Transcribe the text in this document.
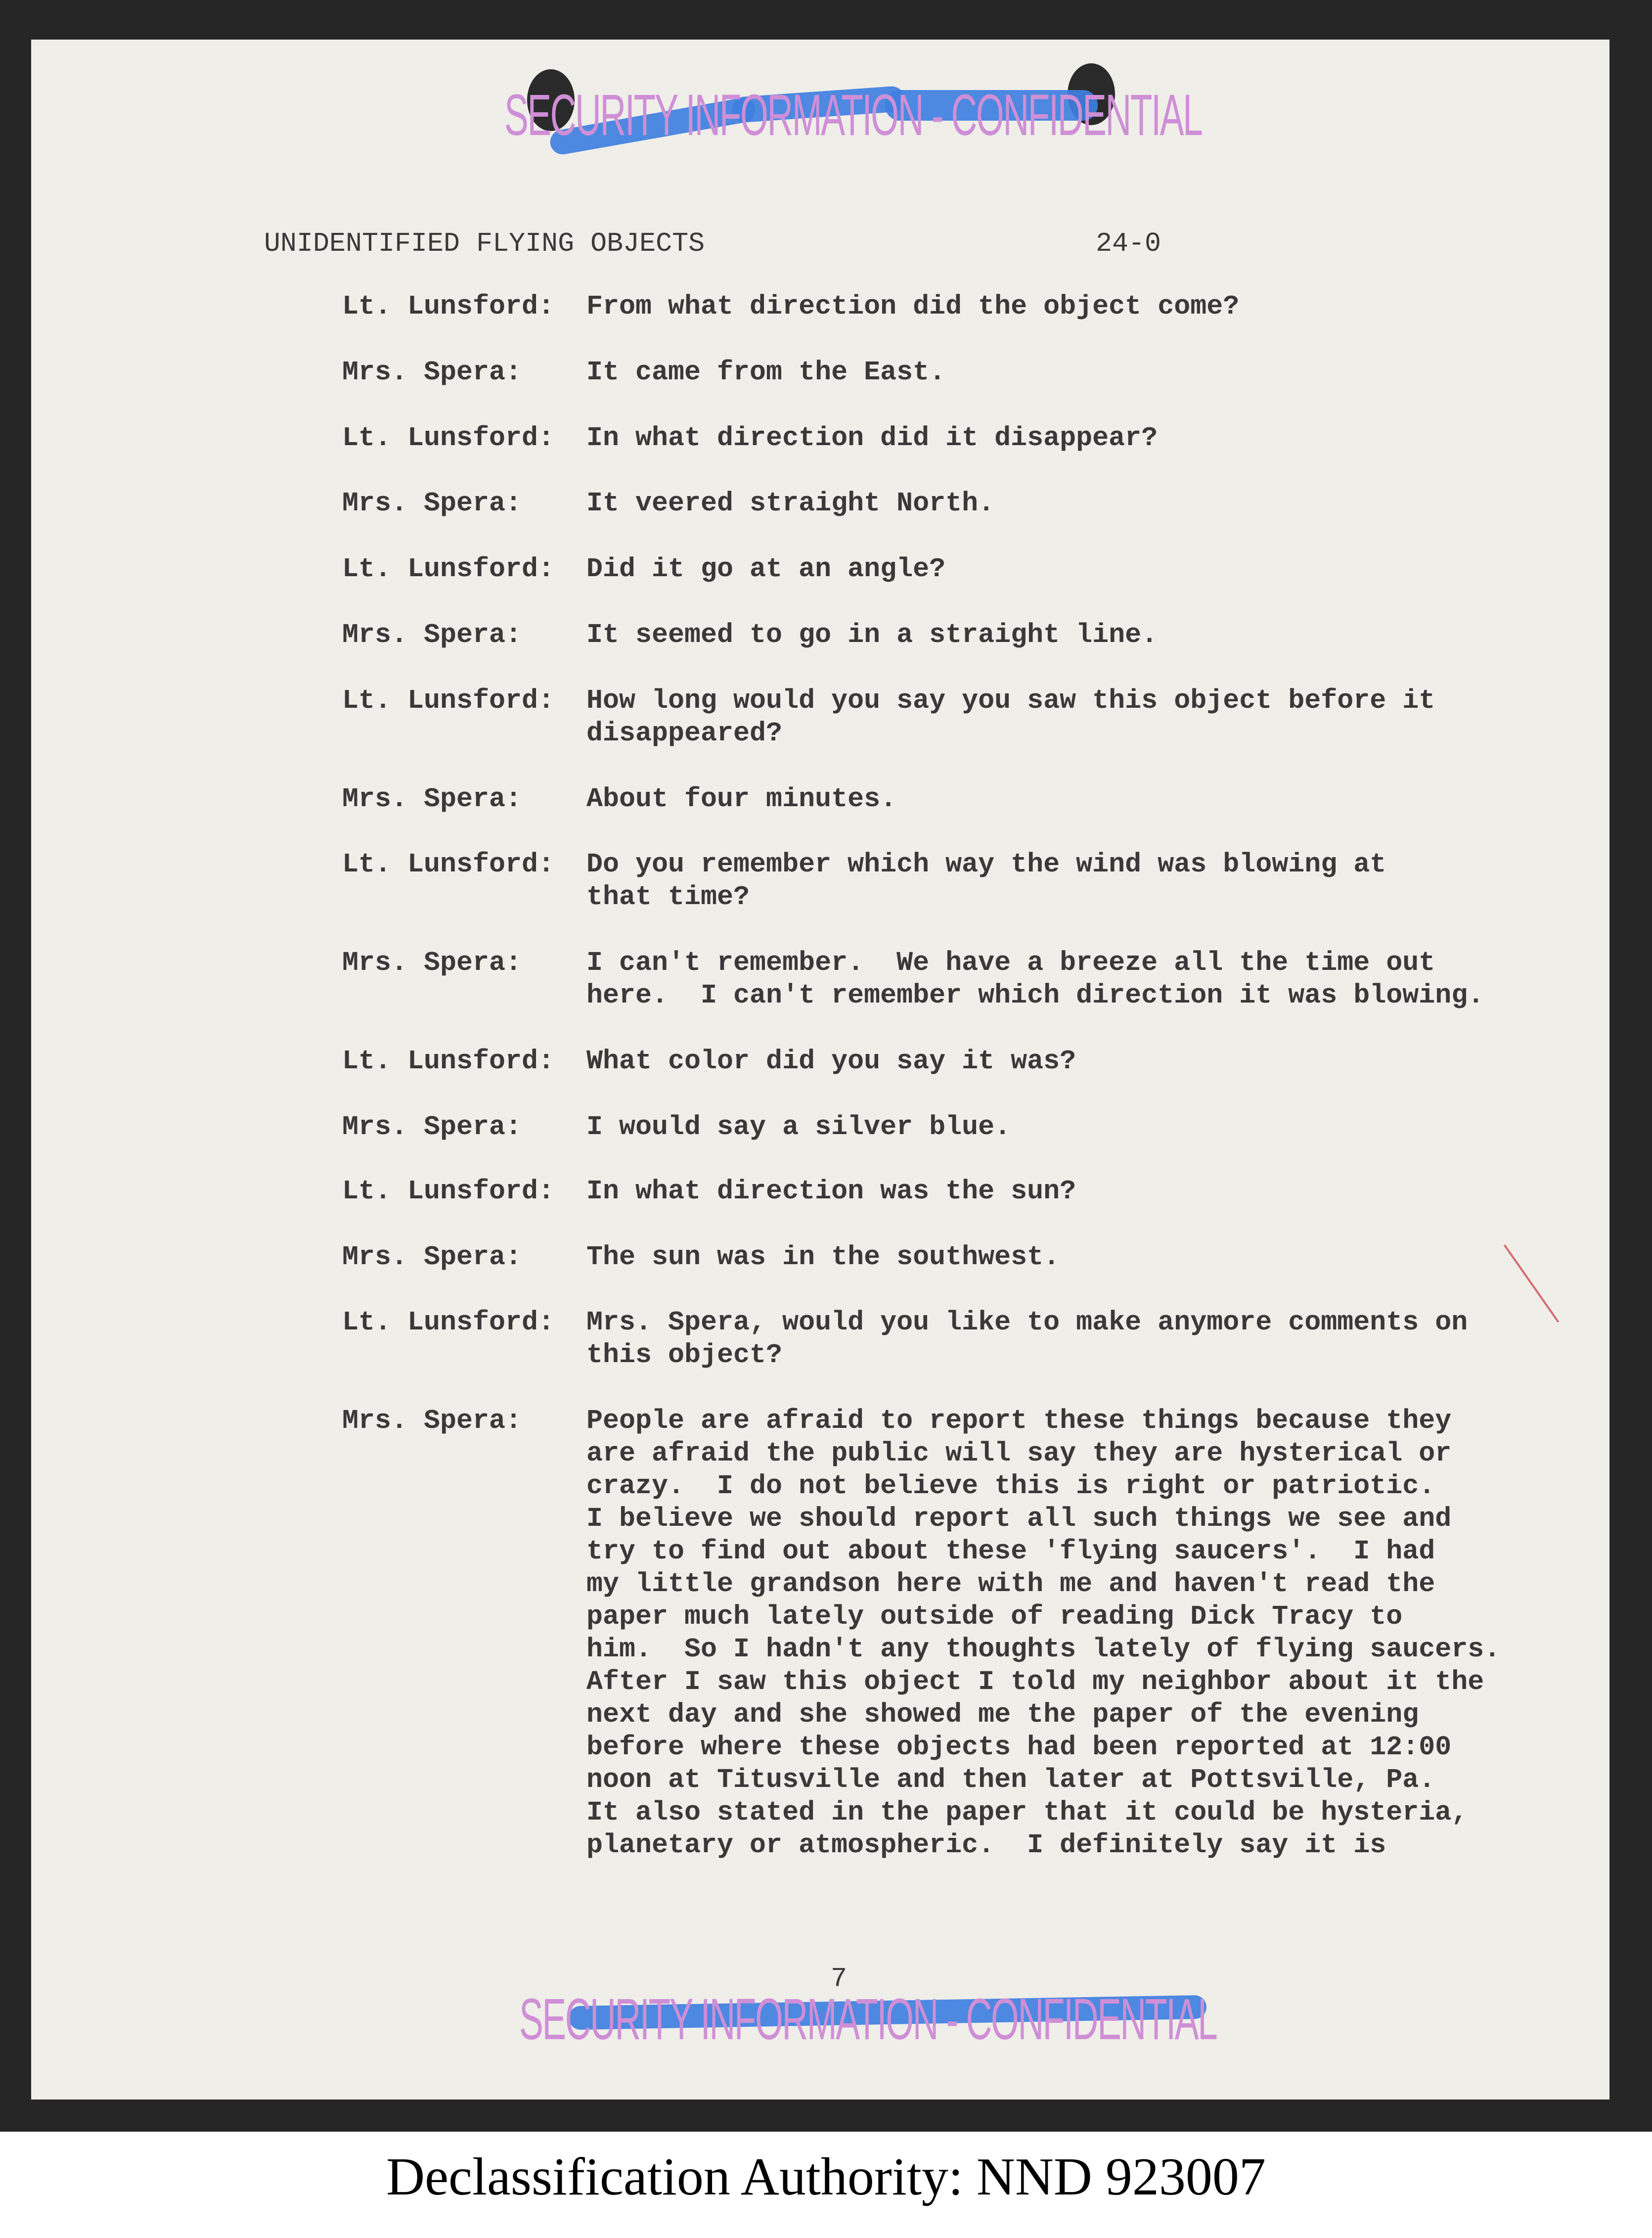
SECURITY INFORMATION - CONFIDENTIAL
UNIDENTIFIED FLYING OBJECTS	24-0
Lt. Lunsford: From what direction did the object come?
Mrs. Spera: It came from the East.
Lt. Lunsford: In what direction did it disappear?
Mrs. Spera: It veered straight North.
Lt. Lunsford: Did it go at an angle?
Mrs. Spera: It seemed to go in a straight line.
Lt. Lunsford: How long would you say you saw this object before it
disappeared?
Mrs. Spera: About four minutes.
Lt. Lunsford: Do you remember which way the wind was blowing at
that time?
Mrs. Spera: I can't remember.  We have a breeze all the time out
here.  I can't remember which direction it was blowing.
Lt. Lunsford: What color did you say it was?
Mrs. Spera: I would say a silver blue.
Lt. Lunsford: In what direction was the sun?
Mrs. Spera: The sun was in the southwest.
Lt. Lunsford: Mrs. Spera, would you like to make anymore comments on
this object?
Mrs. Spera: People are afraid to report these things because they
are afraid the public will say they are hysterical or
crazy.  I do not believe this is right or patriotic.
I believe we should report all such things we see and
try to find out about these 'flying saucers'.  I had
my little grandson here with me and haven't read the
paper much lately outside of reading Dick Tracy to
him.  So I hadn't any thoughts lately of flying saucers.
After I saw this object I told my neighbor about it the
next day and she showed me the paper of the evening
before where these objects had been reported at 12:00
noon at Titusville and then later at Pottsville, Pa.
It also stated in the paper that it could be hysteria,
planetary or atmospheric.  I definitely say it is
7
SECURITY INFORMATION - CONFIDENTIAL
Declassification Authority: NND 923007
